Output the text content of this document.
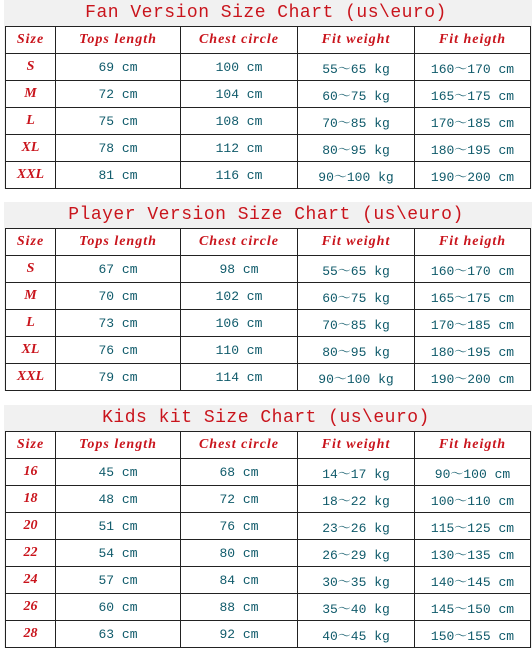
Fan Version Size Chart (us\euro)
Size	Tops length	Chest circle	Fit weight	Fit heigth
S	69 cm	100 cm	55～65 kg	160～170 cm
M	72 cm	104 cm	60～75 kg	165～175 cm
L	75 cm	108 cm	70～85 kg	170～185 cm
XL	78 cm	112 cm	80～95 kg	180～195 cm
XXL	81 cm	116 cm	90～100 kg	190～200 cm
Player Version Size Chart (us\euro)
Size	Tops length	Chest circle	Fit weight	Fit heigth
S	67 cm	98 cm	55～65 kg	160～170 cm
M	70 cm	102 cm	60～75 kg	165～175 cm
L	73 cm	106 cm	70～85 kg	170～185 cm
XL	76 cm	110 cm	80～95 kg	180～195 cm
XXL	79 cm	114 cm	90～100 kg	190～200 cm
Kids kit Size Chart (us\euro)
Size	Tops length	Chest circle	Fit weight	Fit heigth
16	45 cm	68 cm	14～17 kg	90～100 cm
18	48 cm	72 cm	18～22 kg	100～110 cm
20	51 cm	76 cm	23～26 kg	115～125 cm
22	54 cm	80 cm	26～29 kg	130～135 cm
24	57 cm	84 cm	30～35 kg	140～145 cm
26	60 cm	88 cm	35～40 kg	145～150 cm
28	63 cm	92 cm	40～45 kg	150～155 cm
